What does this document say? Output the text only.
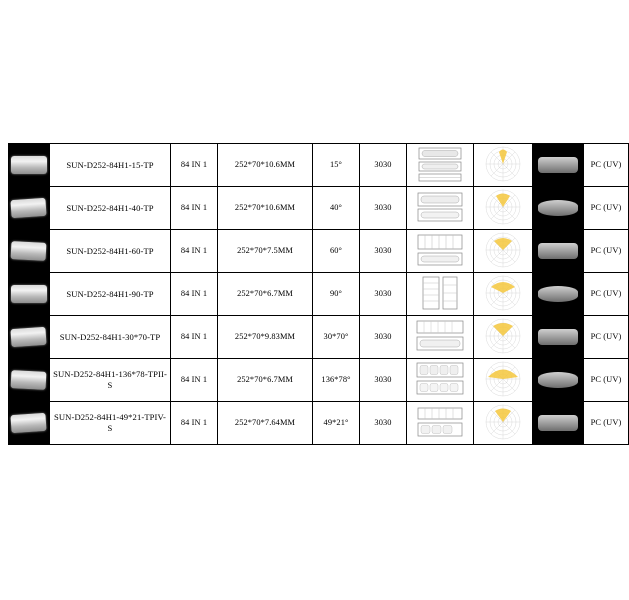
	SUN-D252-84H1-15-TP	84 IN 1	252*70*10.6MM	15°	3030				PC (UV)

	SUN-D252-84H1-40-TP	84 IN 1	252*70*10.6MM	40°	3030				PC (UV)

	SUN-D252-84H1-60-TP	84 IN 1	252*70*7.5MM	60°	3030				PC (UV)

	SUN-D252-84H1-90-TP	84 IN 1	252*70*6.7MM	90°	3030				PC (UV)

	SUN-D252-84H1-30*70-TP	84 IN 1	252*70*9.83MM	30*70°	3030				PC (UV)

	SUN-D252-84H1-136*78-TPII-S	84 IN 1	252*70*6.7MM	136*78°	3030				PC (UV)

	SUN-D252-84H1-49*21-TPIV-S	84 IN 1	252*70*7.64MM	49*21°	3030				PC (UV)
